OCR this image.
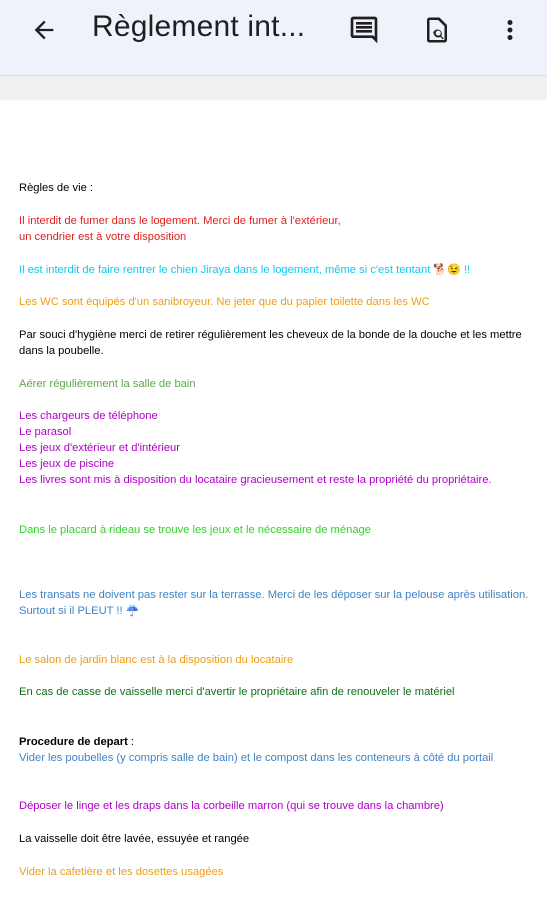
Règlement int...

Règles de vie :

Il interdit de fumer dans le logement. Merci de fumer à l'extérieur,
un cendrier est à votre disposition

Il est interdit de faire rentrer le chien Jiraya dans le logement, même si c'est tentant 🐕😉 !!

Les WC sont équipés d'un sanibroyeur. Ne jeter que du papier toilette dans les WC

Par souci d'hygiène merci de retirer régulièrement les cheveux de la bonde de la douche et les mettre dans la poubelle.

Aérer régulièrement la salle de bain

Les chargeurs de téléphone
Le parasol
Les jeux d'extérieur et d'intérieur
Les jeux de piscine
Les livres sont mis à disposition du locataire gracieusement et reste la propriété du propriétaire.

Dans le placard à rideau se trouve les jeux et le nécessaire de ménage

Les transats ne doivent pas rester sur la terrasse. Merci de les déposer sur la pelouse après utilisation.
Surtout si il PLEUT !! ☔

Le salon de jardin blanc est à la disposition du locataire

En cas de casse de vaisselle merci d'avertir le propriétaire afin de renouveler le matériel

Procedure de depart :
Vider les poubelles (y compris salle de bain) et le compost dans les conteneurs à côté du portail

Déposer le linge et les draps dans la corbeille marron (qui se trouve dans la chambre)

La vaisselle doit être lavée, essuyée et rangée

Vider la cafetière et les dosettes usagées
